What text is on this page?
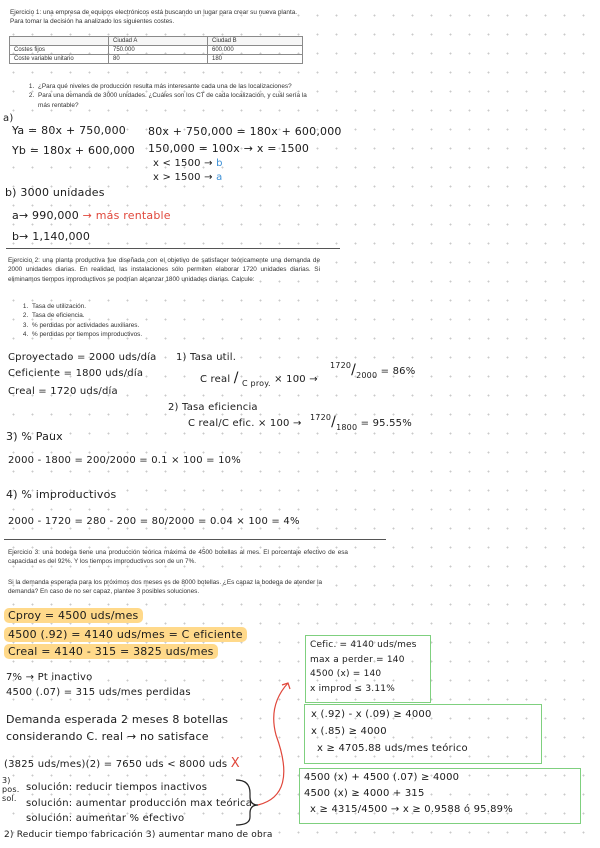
Ejercicio 1: una empresa de equipos electrónicos está buscando un lugar para crear su nueva planta. Para tomar la decisión ha analizado los siguientes costes.
	Ciudad A	Ciudad B
Costes fijos	750.000	600.000
Coste variable unitario	80	180
1. ¿Para qué niveles de producción resulta más interesante cada una de las localizaciones?
2. Para una demanda de 3000 unidades. ¿Cuáles son los CT de cada localización, y cuál sería la más rentable?
a)
Ya = 80x + 750,000
Yb = 180x + 600,000
80x + 750,000 = 180x + 600,000
150,000 = 100x → x = 1500
x < 1500 → b
x > 1500 → a
b) 3000 unidades
a→ 990,000 → más rentable
b→ 1,140,000
Ejercicio 2: una planta productiva fue diseñada con el objetivo de satisfacer teóricamente una demanda de 2000 unidades diarias. En realidad, las instalaciones sólo permiten elaborar 1720 unidades diarias. Si eliminamos tiempos improductivos se podrían alcanzar 1800 unidades diarias. Calcule:
1. Tasa de utilización.
2. Tasa de eficiencia.
3. % perdidas por actividades auxiliares.
4. % perdidas por tiempos improductivos.
Cproyectado = 2000 uds/día
Ceficiente = 1800 uds/día
Creal = 1720 uds/día
1) Tasa util.
C real / $_{C proy.}$ × 100 →
$^{1720}/_{2000} = 86\%$
2) Tasa eficiencia
C real/C efic. × 100 →
$^{1720}/_{1800} = 95.55\%$
3) % Paux
2000 - 1800 = 200/2000 = 0.1 × 100 = 10%
4) % improductivos
2000 - 1720 = 280 - 200 = 80/2000 = 0.04 × 100 = 4%
Ejercicio 3: una bodega tiene una producción teórica máxima de 4500 botellas al mes. El porcentaje efectivo de esa capacidad es del 92%. Y los tiempos improductivos son de un 7%.
Si la demanda esperada para los próximos dos meses es de 8000 botellas. ¿Es capaz la bodega de atender la demanda? En caso de no ser capaz, plantee 3 posibles soluciones.
Cproy = 4500 uds/mes
4500 (.92) = 4140 uds/mes = C eficiente
Creal = 4140 - 315 = 3825 uds/mes
7% → Pt inactivo
4500 (.07) = 315 uds/mes perdidas
Demanda esperada 2 meses 8 botellas
considerando C. real → no satisface
(3825 uds/mes)(2) = 7650 uds < 8000 uds X
3) pos. sol.
solución: reducir tiempos inactivos
solución: aumentar producción max teórica
solución: aumentar % efectivo
2) Reducir tiempo fabricación 3) aumentar mano de obra
Cefic. = 4140 uds/mes
max a perder = 140
4500 (x) = 140
x improd ≤ 3.11%
x (.92) - x (.09) ≥ 4000
x (.85) ≥ 4000
x ≥ 4705.88 uds/mes teórico
4500 (x) + 4500 (.07) ≥ 4000
4500 (x) ≥ 4000 + 315
x ≥ 4315/4500 → x ≥ 0.9588 ó 95.89%
